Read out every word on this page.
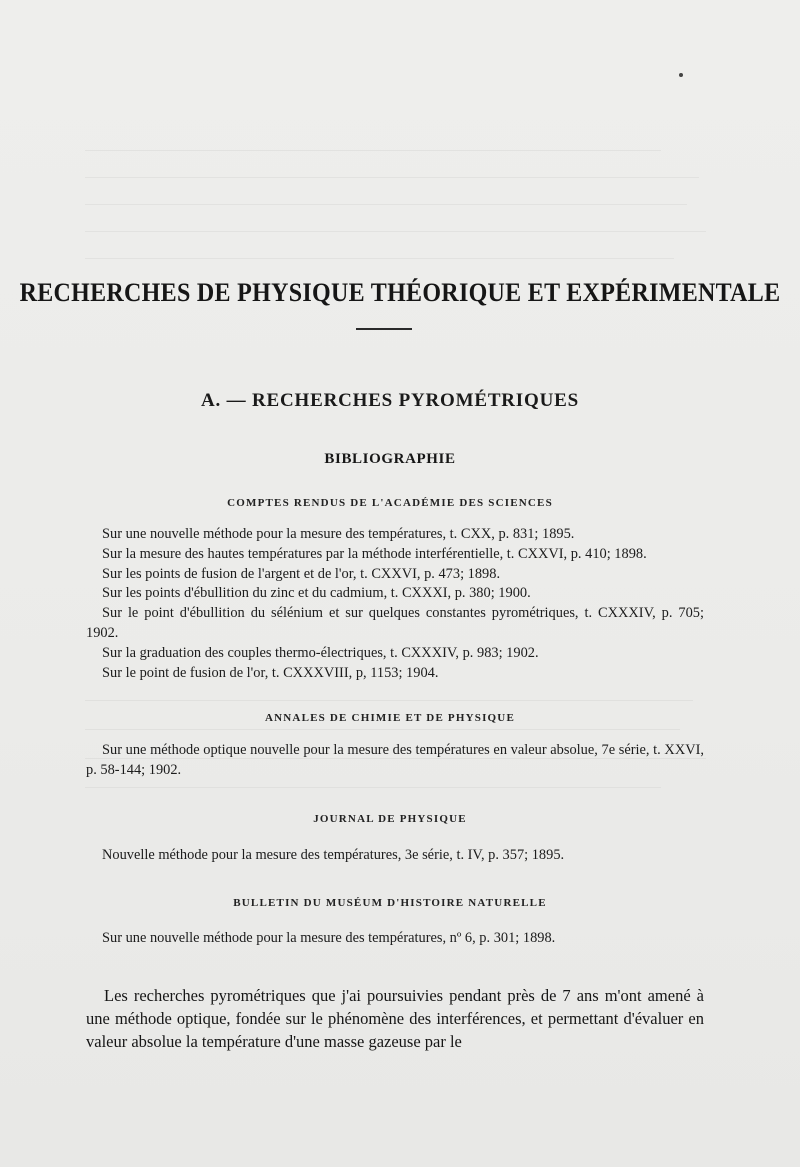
RECHERCHES DE PHYSIQUE THÉORIQUE ET EXPÉRIMENTALE
A. — RECHERCHES PYROMÉTRIQUES
BIBLIOGRAPHIE
COMPTES RENDUS DE L'ACADÉMIE DES SCIENCES

Sur une nouvelle méthode pour la mesure des températures, t. CXX, p. 831; 1895.

Sur la mesure des hautes températures par la méthode interférentielle, t. CXXVI, p. 410; 1898.

Sur les points de fusion de l'argent et de l'or, t. CXXVI, p. 473; 1898.

Sur les points d'ébullition du zinc et du cadmium, t. CXXXI, p. 380; 1900.

Sur le point d'ébullition du sélénium et sur quelques constantes pyrométriques, t. CXXXIV, p. 705; 1902.

Sur la graduation des couples thermo-électriques, t. CXXXIV, p. 983; 1902.

Sur le point de fusion de l'or, t. CXXXVIII, p, 1153; 1904.

ANNALES DE CHIMIE ET DE PHYSIQUE

Sur une méthode optique nouvelle pour la mesure des températures en valeur absolue, 7e série, t. XXVI, p. 58-144; 1902.

JOURNAL DE PHYSIQUE

Nouvelle méthode pour la mesure des températures, 3e série, t. IV, p. 357; 1895.

BULLETIN DU MUSÉUM D'HISTOIRE NATURELLE

Sur une nouvelle méthode pour la mesure des températures, nº 6, p. 301; 1898.

Les recherches pyrométriques que j'ai poursuivies pendant près de 7 ans m'ont amené à une méthode optique, fondée sur le phénomène des interférences, et permettant d'évaluer en valeur absolue la température d'une masse gazeuse par le
